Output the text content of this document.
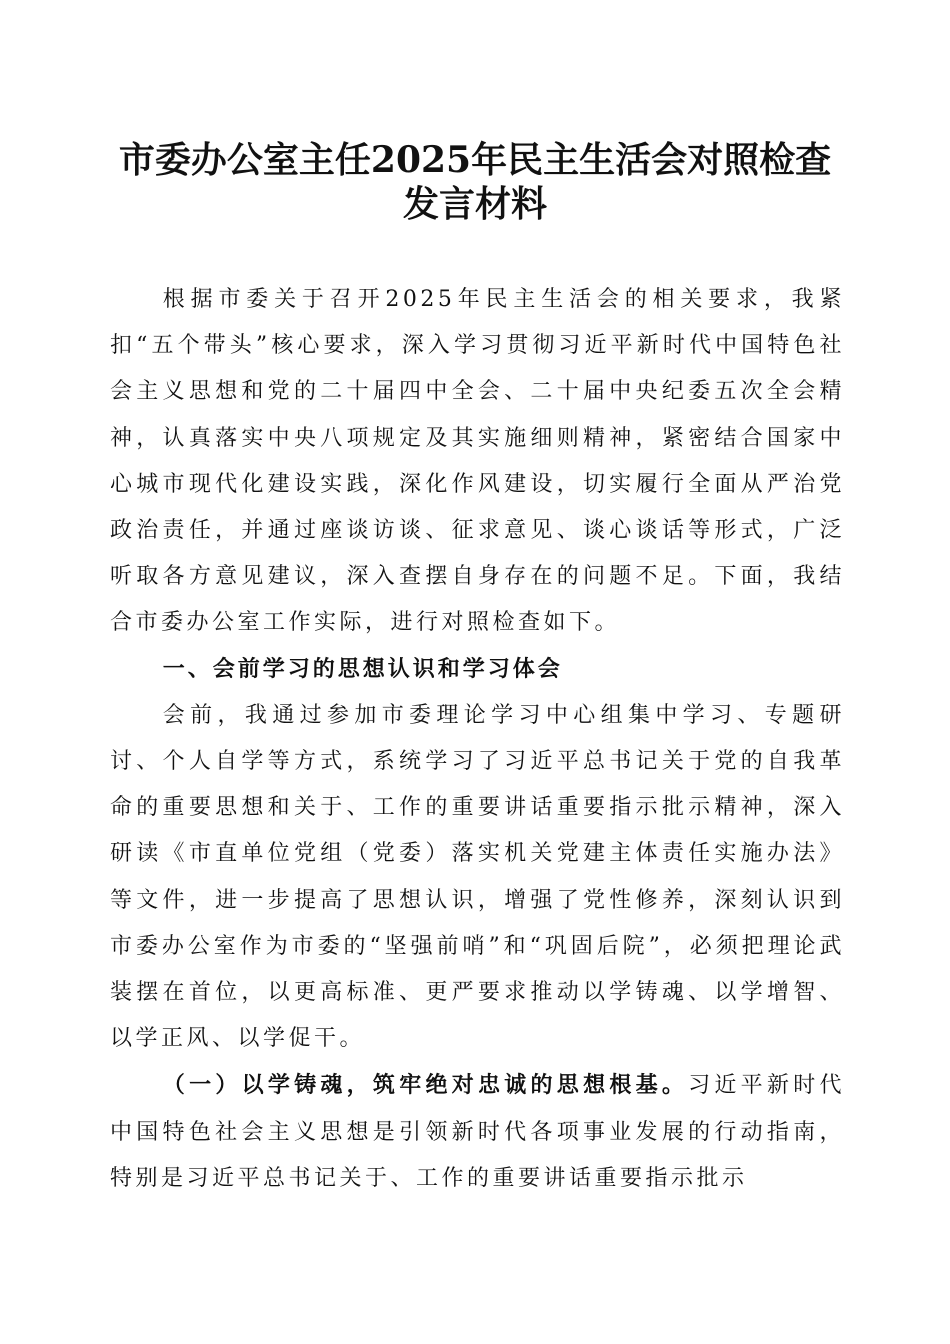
市委办公室主任2025年民主生活会对照检查
发言材料

根据市委关于召开2025年民主生活会的相关要求，我紧扣“五个带头”核心要求，深入学习贯彻习近平新时代中国特色社会主义思想和党的二十届四中全会、二十届中央纪委五次全会精神，认真落实中央八项规定及其实施细则精神，紧密结合国家中心城市现代化建设实践，深化作风建设，切实履行全面从严治党政治责任，并通过座谈访谈、征求意见、谈心谈话等形式，广泛听取各方意见建议，深入查摆自身存在的问题不足。下面，我结合市委办公室工作实际，进行对照检查如下。

一、会前学习的思想认识和学习体会

会前，我通过参加市委理论学习中心组集中学习、专题研讨、个人自学等方式，系统学习了习近平总书记关于党的自我革命的重要思想和关于、工作的重要讲话重要指示批示精神，深入研读《市直单位党组（党委）落实机关党建主体责任实施办法》等文件，进一步提高了思想认识，增强了党性修养，深刻认识到市委办公室作为市委的“坚强前哨”和“巩固后院”，必须把理论武装摆在首位，以更高标准、更严要求推动以学铸魂、以学增智、以学正风、以学促干。

（一）以学铸魂，筑牢绝对忠诚的思想根基。习近平新时代中国特色社会主义思想是引领新时代各项事业发展的行动指南，特别是习近平总书记关于、工作的重要讲话重要指示批示
